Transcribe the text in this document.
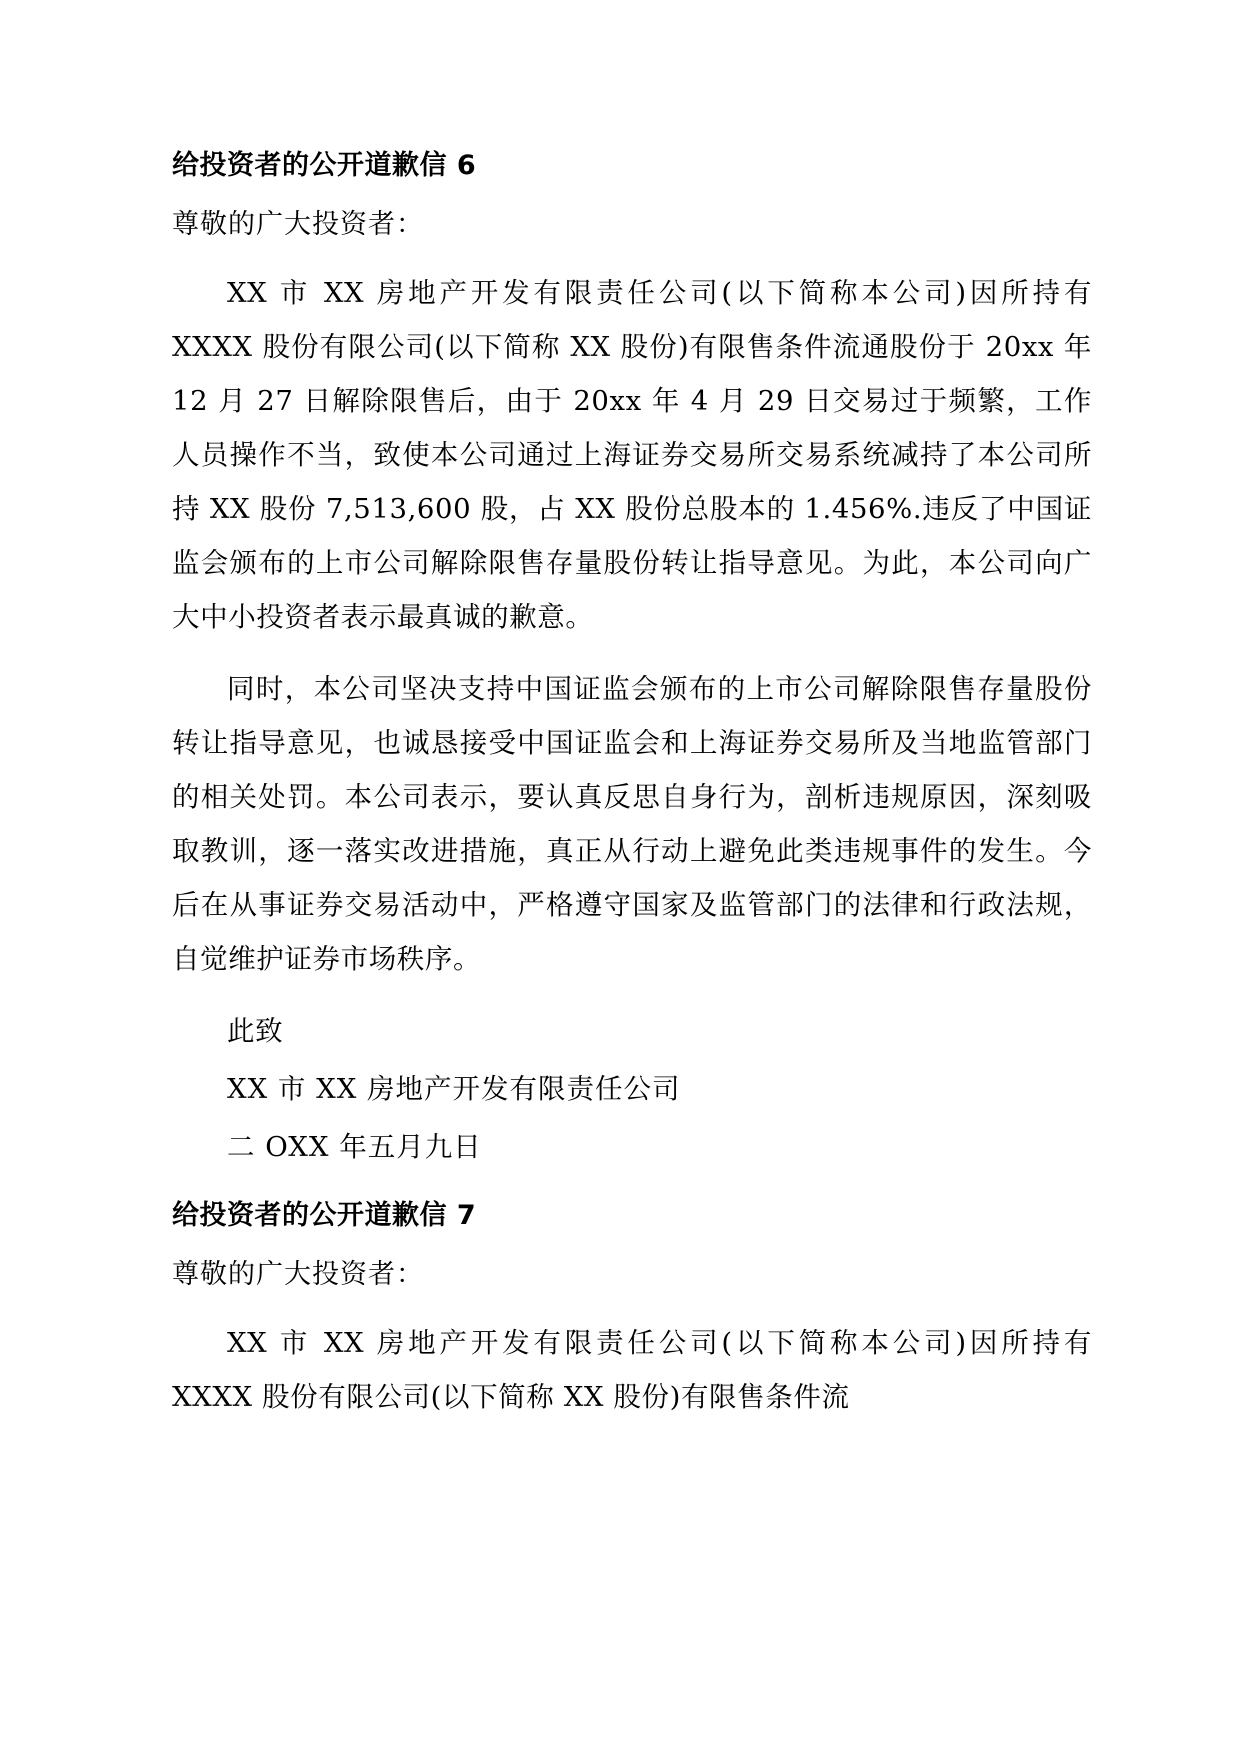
给投资者的公开道歉信 6

尊敬的广大投资者：

XX 市 XX 房地产开发有限责任公司(以下简称本公司)因所持有 XXXX 股份有限公司(以下简称 XX 股份)有限售条件流通股份于 20xx 年 12 月 27 日解除限售后，由于 20xx 年 4 月 29 日交易过于频繁，工作人员操作不当，致使本公司通过上海证券交易所交易系统减持了本公司所持 XX 股份 7,513,600 股，占 XX 股份总股本的 1.456%.违反了中国证监会颁布的上市公司解除限售存量股份转让指导意见。为此，本公司向广大中小投资者表示最真诚的歉意。

同时，本公司坚决支持中国证监会颁布的上市公司解除限售存量股份转让指导意见，也诚恳接受中国证监会和上海证券交易所及当地监管部门的相关处罚。本公司表示，要认真反思自身行为，剖析违规原因，深刻吸取教训，逐一落实改进措施，真正从行动上避免此类违规事件的发生。今后在从事证券交易活动中，严格遵守国家及监管部门的法律和行政法规，自觉维护证券市场秩序。

此致

XX 市 XX 房地产开发有限责任公司

二 OXX 年五月九日

给投资者的公开道歉信 7

尊敬的广大投资者：

XX 市 XX 房地产开发有限责任公司(以下简称本公司)因所持有 XXXX 股份有限公司(以下简称 XX 股份)有限售条件流
